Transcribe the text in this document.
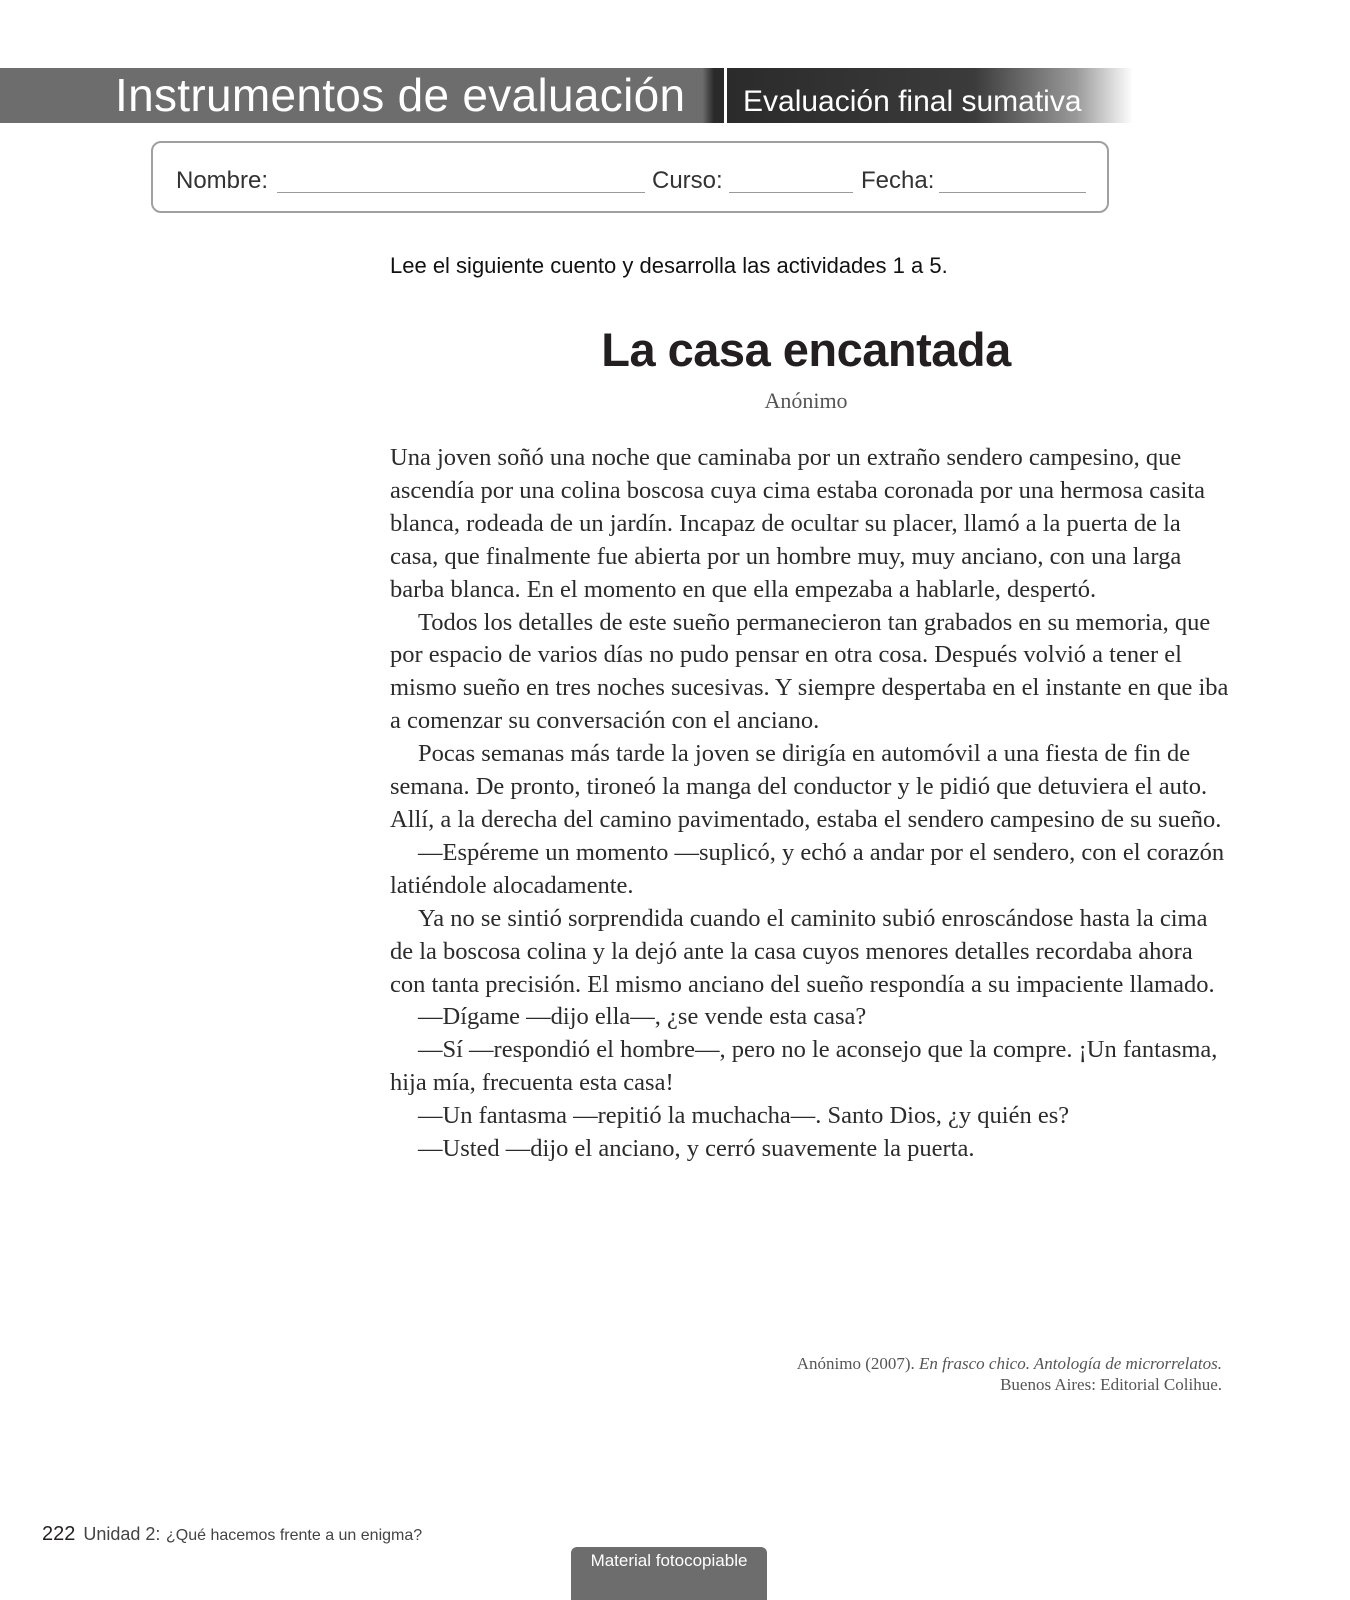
Instrumentos de evaluación Evaluación final sumativa
Nombre:	Curso:	Fecha:
Lee el siguiente cuento y desarrolla las actividades 1 a 5.
La casa encantada
Anónimo

Una joven soñó una noche que caminaba por un extraño sendero campesino, que ascendía por una colina boscosa cuya cima estaba coronada por una hermosa casita blanca, rodeada de un jardín. Incapaz de ocultar su placer, llamó a la puerta de la casa, que finalmente fue abierta por un hombre muy, muy anciano, con una larga barba blanca. En el momento en que ella empezaba a hablarle, despertó.

Todos los detalles de este sueño permanecieron tan grabados en su memoria, que por espacio de varios días no pudo pensar en otra cosa. Después volvió a tener el mismo sueño en tres noches sucesivas. Y siempre despertaba en el instante en que iba a comenzar su conversación con el anciano.

Pocas semanas más tarde la joven se dirigía en automóvil a una fiesta de fin de semana. De pronto, tironeó la manga del conductor y le pidió que detuviera el auto. Allí, a la derecha del camino pavimentado, estaba el sendero campesino de su sueño.

—Espéreme un momento —suplicó, y echó a andar por el sendero, con el corazón latiéndole alocadamente.

Ya no se sintió sorprendida cuando el caminito subió enroscándose hasta la cima de la boscosa colina y la dejó ante la casa cuyos menores detalles recordaba ahora con tanta precisión. El mismo anciano del sueño respondía a su impaciente llamado.

—Dígame —dijo ella—, ¿se vende esta casa?

—Sí —respondió el hombre—, pero no le aconsejo que la compre. ¡Un fantasma, hija mía, frecuenta esta casa!

—Un fantasma —repitió la muchacha—. Santo Dios, ¿y quién es?

—Usted —dijo el anciano, y cerró suavemente la puerta.

Anónimo (2007). En frasco chico. Antología de microrrelatos.
Buenos Aires: Editorial Colihue.
222 Unidad 2: ¿Qué hacemos frente a un enigma?
Material fotocopiable
